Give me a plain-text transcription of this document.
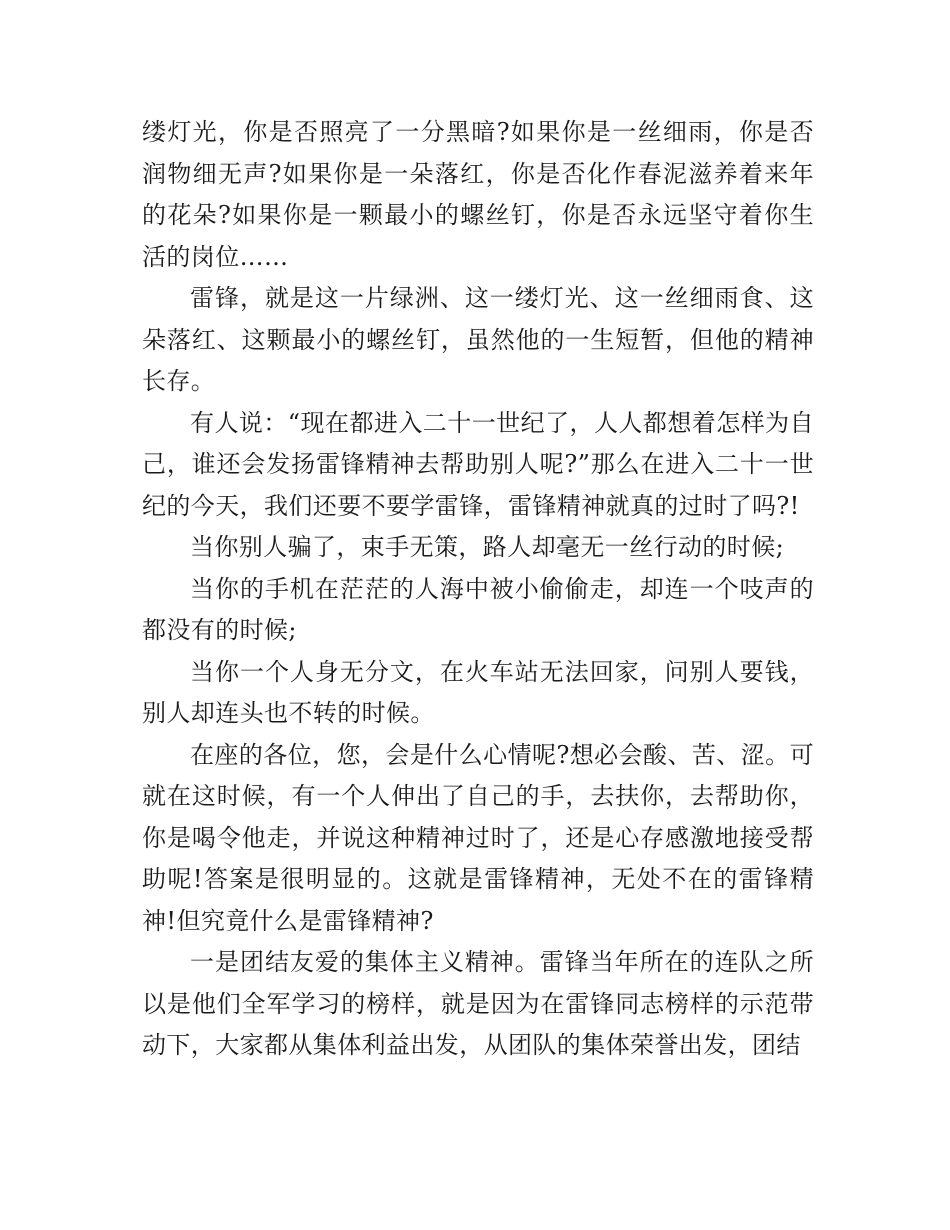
缕灯光，你是否照亮了一分黑暗?如果你是一丝细雨，你是否润物细无声?如果你是一朵落红，你是否化作春泥滋养着来年的花朵?如果你是一颗最小的螺丝钉，你是否永远坚守着你生活的岗位……

雷锋，就是这一片绿洲、这一缕灯光、这一丝细雨食、这朵落红、这颗最小的螺丝钉，虽然他的一生短暂，但他的精神长存。

有人说：“现在都进入二十一世纪了，人人都想着怎样为自己，谁还会发扬雷锋精神去帮助别人呢?”那么在进入二十一世纪的今天，我们还要不要学雷锋，雷锋精神就真的过时了吗?!

当你别人骗了，束手无策，路人却毫无一丝行动的时候;

当你的手机在茫茫的人海中被小偷偷走，却连一个吱声的都没有的时候;

当你一个人身无分文，在火车站无法回家，问别人要钱，别人却连头也不转的时候。

在座的各位，您，会是什么心情呢?想必会酸、苦、涩。可就在这时候，有一个人伸出了自己的手，去扶你，去帮助你，你是喝令他走，并说这种精神过时了，还是心存感激地接受帮助呢!答案是很明显的。这就是雷锋精神，无处不在的雷锋精神!但究竟什么是雷锋精神?

一是团结友爱的集体主义精神。雷锋当年所在的连队之所以是他们全军学习的榜样，就是因为在雷锋同志榜样的示范带动下，大家都从集体利益出发，从团队的集体荣誉出发，团结
